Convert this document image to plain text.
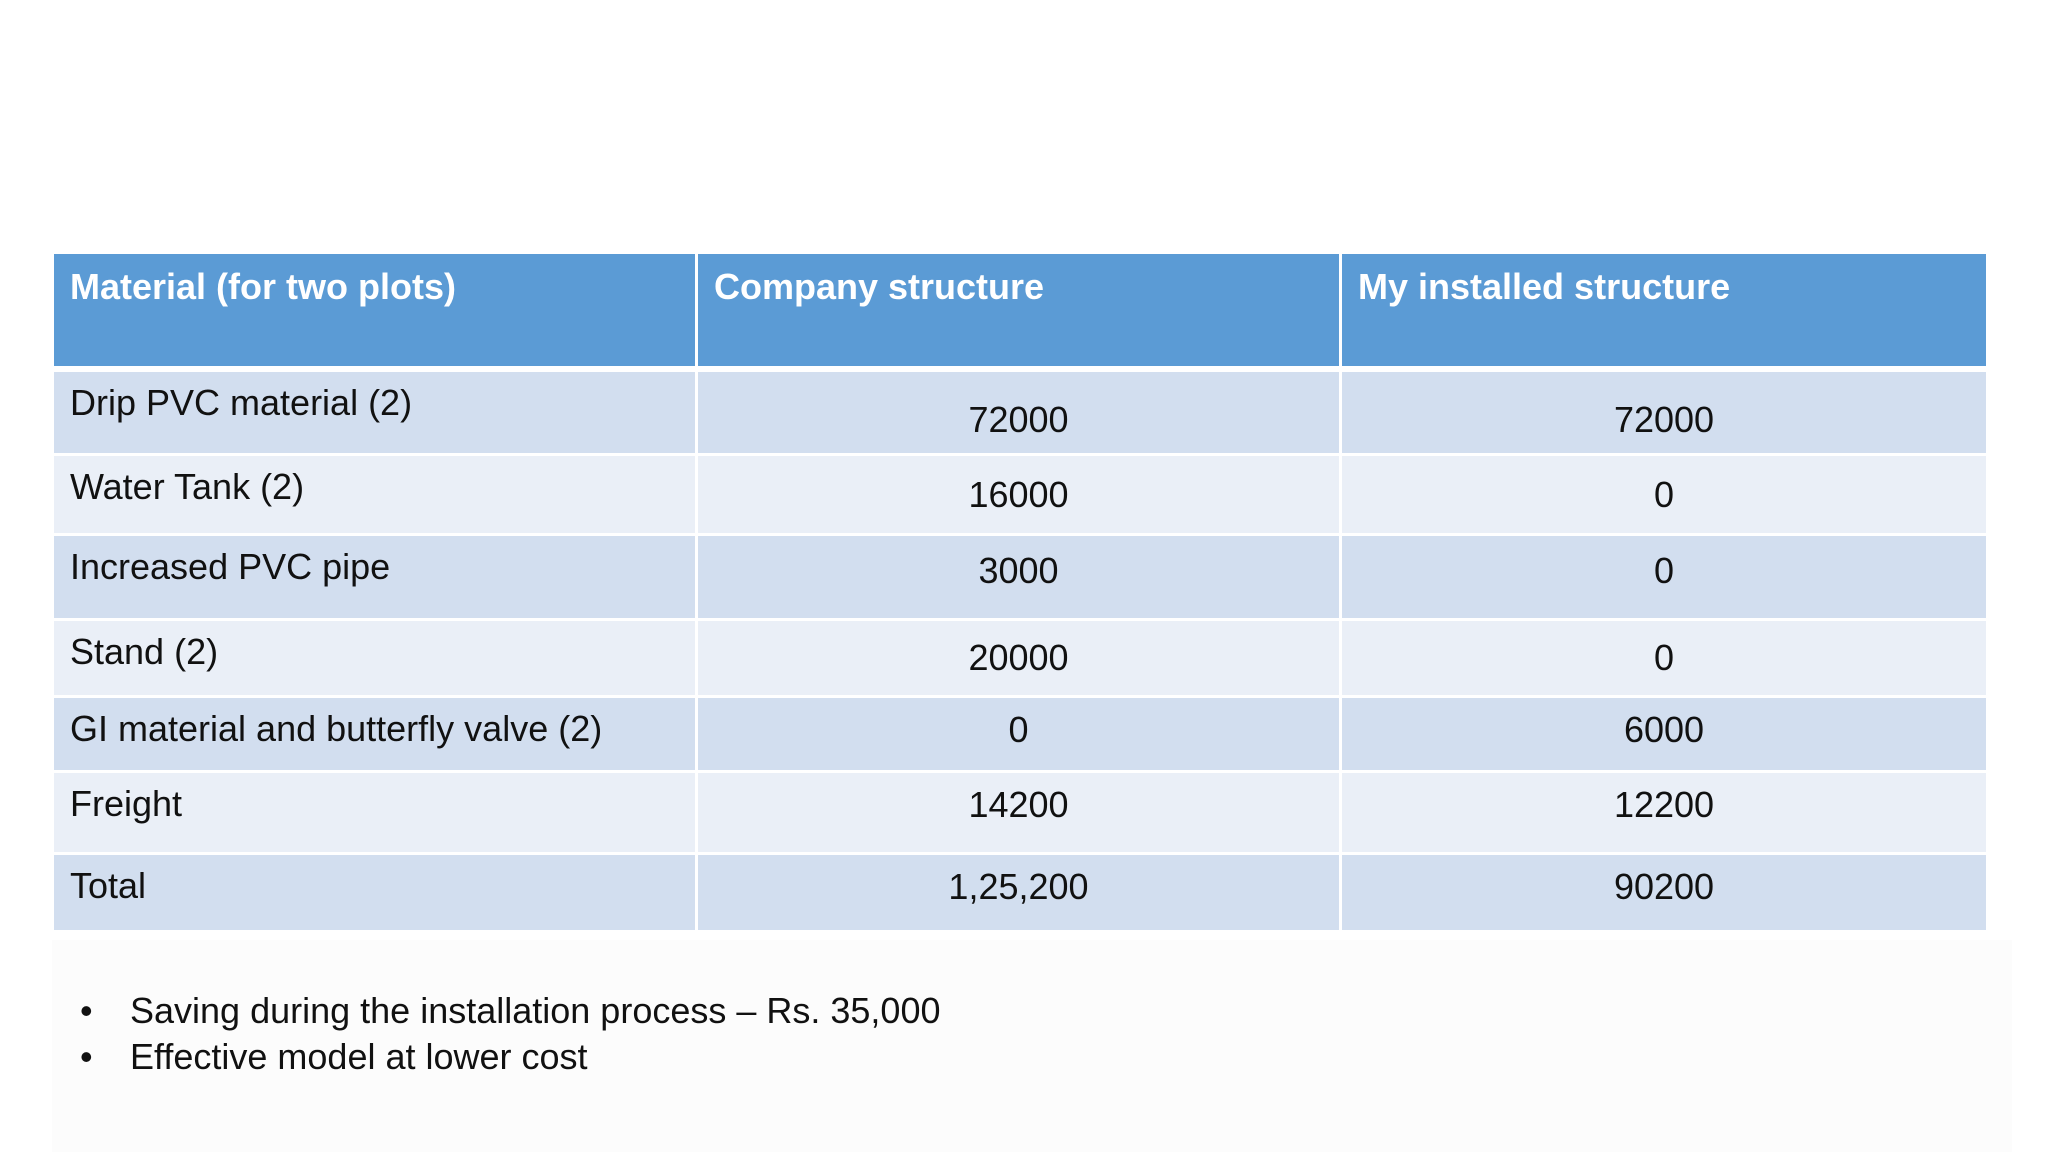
Material (for two plots)	Company structure	My installed structure
Drip PVC material (2)	72000	72000
Water Tank (2)	16000	0
Increased PVC pipe	3000	0
Stand (2)	20000	0
GI material and butterfly valve (2)	0	6000
Freight	14200	12200
Total	1,25,200	90200
• Saving during the installation process – Rs. 35,000
• Effective model at lower cost
